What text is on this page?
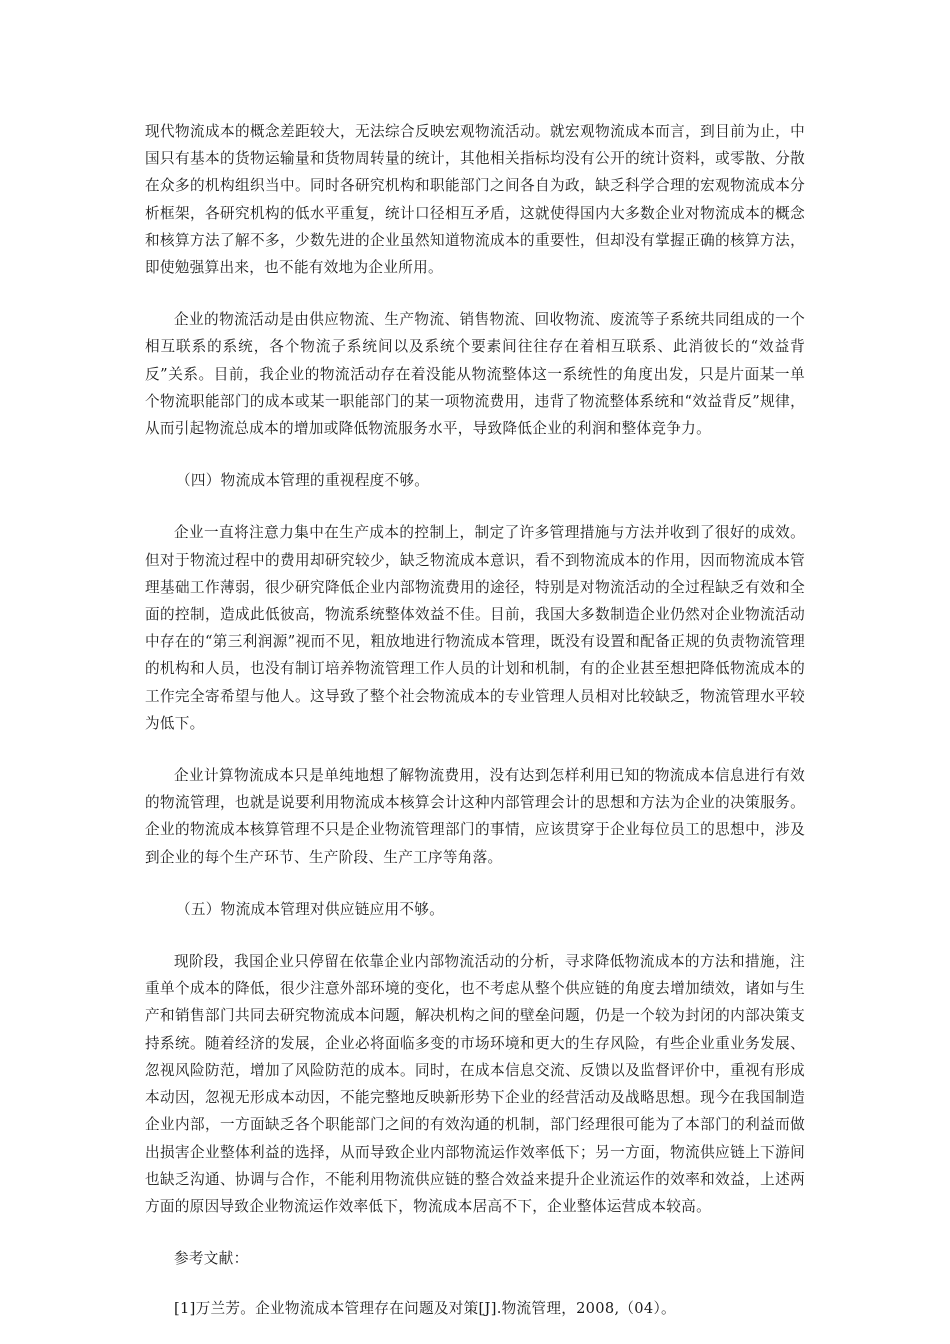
现代物流成本的概念差距较大，无法综合反映宏观物流活动。就宏观物流成本而言，到目前为止，中国只有基本的货物运输量和货物周转量的统计，其他相关指标均没有公开的统计资料，或零散、分散在众多的机构组织当中。同时各研究机构和职能部门之间各自为政，缺乏科学合理的宏观物流成本分析框架，各研究机构的低水平重复，统计口径相互矛盾，这就使得国内大多数企业对物流成本的概念和核算方法了解不多，少数先进的企业虽然知道物流成本的重要性，但却没有掌握正确的核算方法，即使勉强算出来，也不能有效地为企业所用。

企业的物流活动是由供应物流、生产物流、销售物流、回收物流、废流等子系统共同组成的一个相互联系的系统，各个物流子系统间以及系统个要素间往往存在着相互联系、此消彼长的“效益背反”关系。目前，我企业的物流活动存在着没能从物流整体这一系统性的角度出发，只是片面某一单个物流职能部门的成本或某一职能部门的某一项物流费用，违背了物流整体系统和“效益背反”规律，从而引起物流总成本的增加或降低物流服务水平，导致降低企业的利润和整体竞争力。

（四）物流成本管理的重视程度不够。

企业一直将注意力集中在生产成本的控制上，制定了许多管理措施与方法并收到了很好的成效。但对于物流过程中的费用却研究较少，缺乏物流成本意识，看不到物流成本的作用，因而物流成本管理基础工作薄弱，很少研究降低企业内部物流费用的途径，特别是对物流活动的全过程缺乏有效和全面的控制，造成此低彼高，物流系统整体效益不佳。目前，我国大多数制造企业仍然对企业物流活动中存在的“第三利润源”视而不见，粗放地进行物流成本管理，既没有设置和配备正规的负责物流管理的机构和人员，也没有制订培养物流管理工作人员的计划和机制，有的企业甚至想把降低物流成本的工作完全寄希望与他人。这导致了整个社会物流成本的专业管理人员相对比较缺乏，物流管理水平较为低下。

企业计算物流成本只是单纯地想了解物流费用，没有达到怎样利用已知的物流成本信息进行有效的物流管理，也就是说要利用物流成本核算会计这种内部管理会计的思想和方法为企业的决策服务。企业的物流成本核算管理不只是企业物流管理部门的事情，应该贯穿于企业每位员工的思想中，涉及到企业的每个生产环节、生产阶段、生产工序等角落。

（五）物流成本管理对供应链应用不够。

现阶段，我国企业只停留在依靠企业内部物流活动的分析，寻求降低物流成本的方法和措施，注重单个成本的降低，很少注意外部环境的变化，也不考虑从整个供应链的角度去增加绩效，诸如与生产和销售部门共同去研究物流成本问题，解决机构之间的壁垒问题，仍是一个较为封闭的内部决策支持系统。随着经济的发展，企业必将面临多变的市场环境和更大的生存风险，有些企业重业务发展、忽视风险防范，增加了风险防范的成本。同时，在成本信息交流、反馈以及监督评价中，重视有形成本动因，忽视无形成本动因，不能完整地反映新形势下企业的经营活动及战略思想。现今在我国制造企业内部，一方面缺乏各个职能部门之间的有效沟通的机制，部门经理很可能为了本部门的利益而做出损害企业整体利益的选择，从而导致企业内部物流运作效率低下；另一方面，物流供应链上下游间也缺乏沟通、协调与合作，不能利用物流供应链的整合效益来提升企业流运作的效率和效益，上述两方面的原因导致企业物流运作效率低下，物流成本居高不下，企业整体运营成本较高。

参考文献：

[1]万兰芳。企业物流成本管理存在问题及对策[J].物流管理，2008,（04）。
